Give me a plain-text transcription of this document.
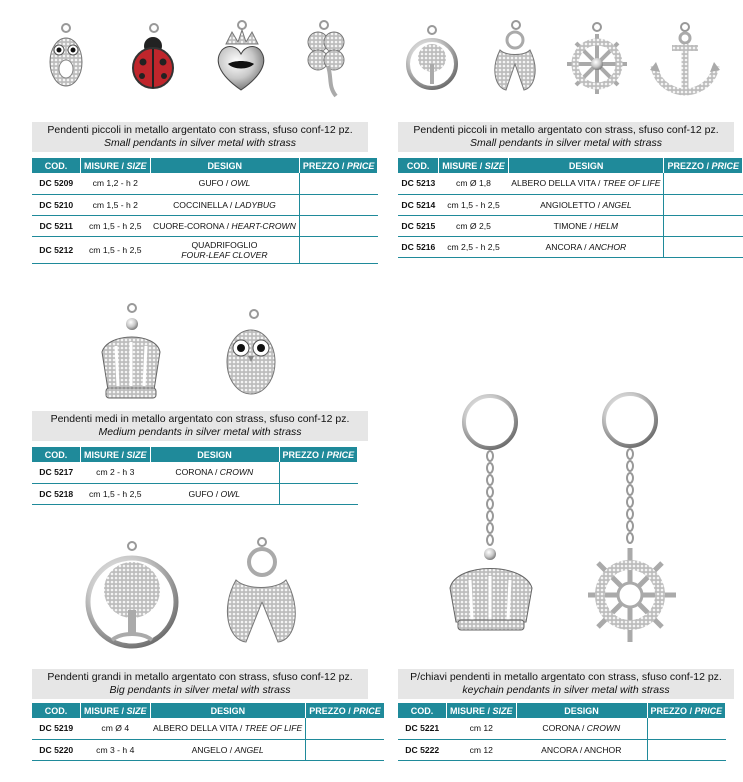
Pendenti piccoli in metallo argentato con strass, sfuso conf-12 pz.
Small pendants in silver metal with strass
COD.	MISURE / SIZE	DESIGN	PREZZO / PRICE
DC 5209	cm 1,2 - h 2	GUFO / OWL	
DC 5210	cm 1,5 - h 2	COCCINELLA / LADYBUG	
DC 5211	cm 1,5 - h 2,5	CUORE-CORONA / HEART-CROWN	
DC 5212	cm 1,5 - h 2,5	QUADRIFOGLIO
FOUR-LEAF CLOVER	
Pendenti piccoli in metallo argentato con strass, sfuso conf-12 pz.
Small pendants in silver metal with strass
COD.	MISURE / SIZE	DESIGN	PREZZO / PRICE
DC 5213	cm Ø 1,8	ALBERO DELLA VITA / TREE OF LIFE	
DC 5214	cm 1,5 - h 2,5	ANGIOLETTO / ANGEL	
DC 5215	cm Ø 2,5	TIMONE / HELM	
DC 5216	cm 2,5 - h 2,5	ANCORA / ANCHOR	
Pendenti medi in metallo argentato con strass, sfuso conf-12 pz.
Medium pendants in silver metal with strass
COD.	MISURE / SIZE	DESIGN	PREZZO / PRICE
DC 5217	cm 2 - h 3	CORONA / CROWN	
DC 5218	cm 1,5 - h 2,5	GUFO / OWL	
Pendenti grandi in metallo argentato con strass, sfuso conf-12 pz.
Big pendants in silver metal with strass
COD.	MISURE / SIZE	DESIGN	PREZZO / PRICE
DC 5219	cm Ø 4	ALBERO DELLA VITA / TREE OF LIFE	
DC 5220	cm 3 - h 4	ANGELO / ANGEL	
P/chiavi pendenti in metallo argentato con strass, sfuso conf-12 pz.
keychain pendants in silver metal with strass
COD.	MISURE / SIZE	DESIGN	PREZZO / PRICE
DC 5221	cm 12	CORONA / CROWN	
DC 5222	cm 12	ANCORA / ANCHOR	
